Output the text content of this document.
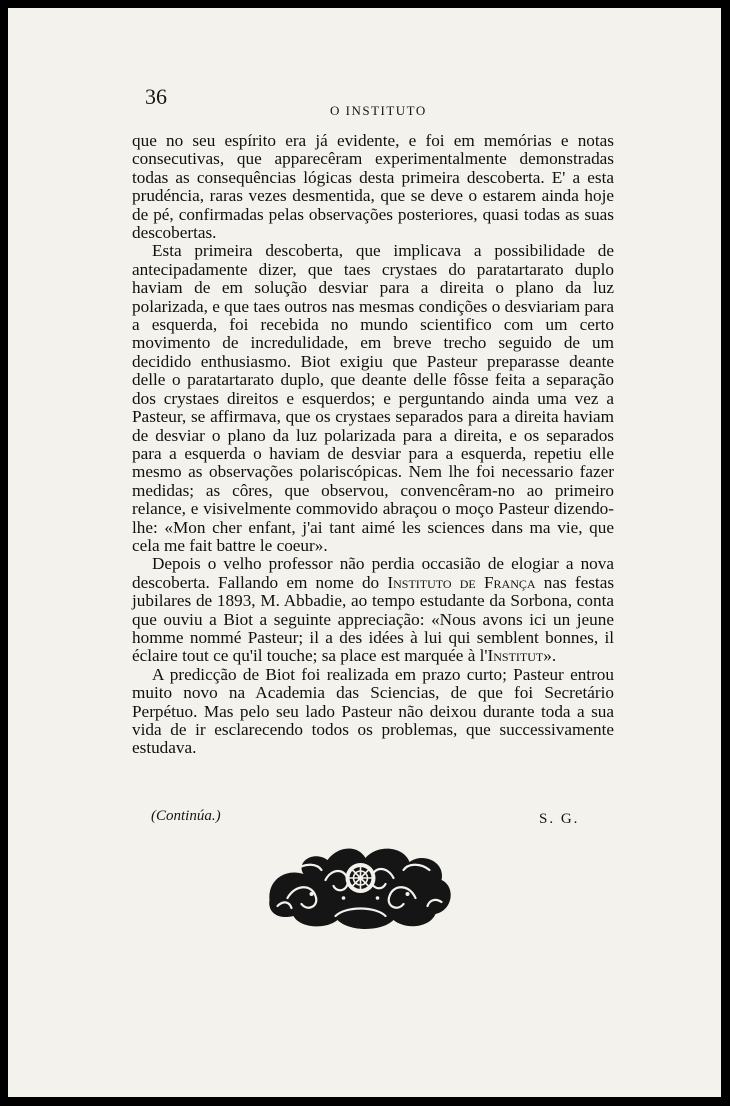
36
O INSTITUTO

que no seu espírito era já evidente, e foi em memórias e notas consecutivas, que apparecêram experimentalmente demonstradas todas as consequências lógicas desta primeira descoberta. E' a esta prudéncia, raras vezes desmentida, que se deve o estarem ainda hoje de pé, confirmadas pelas observações posteriores, quasi todas as suas descobertas.

Esta primeira descoberta, que implicava a possibilidade de antecipadamente dizer, que taes crystaes do paratartarato duplo haviam de em solução desviar para a direita o plano da luz polarizada, e que taes outros nas mesmas condições o desviariam para a esquerda, foi recebida no mundo scientifico com um certo movimento de incredulidade, em breve trecho seguido de um decidido enthusiasmo. Biot exigiu que Pasteur preparasse deante delle o paratartarato duplo, que deante delle fôsse feita a separação dos crystaes direitos e esquerdos; e perguntando ainda uma vez a Pasteur, se affirmava, que os crystaes separados para a direita haviam de desviar o plano da luz polarizada para a direita, e os separados para a esquerda o haviam de desviar para a esquerda, repetiu elle mesmo as observações polariscópicas. Nem lhe foi necessario fazer medidas; as côres, que observou, convencêram-no ao primeiro relance, e visivelmente commovido abraçou o moço Pasteur dizendo-lhe: «Mon cher enfant, j'ai tant aimé les sciences dans ma vie, que cela me fait battre le coeur».

Depois o velho professor não perdia occasião de elogiar a nova descoberta. Fallando em nome do Instituto de França nas festas jubilares de 1893, M. Abbadie, ao tempo estudante da Sorbona, conta que ouviu a Biot a seguinte appreciação: «Nous avons ici un jeune homme nommé Pasteur; il a des idées à lui qui semblent bonnes, il éclaire tout ce qu'il touche; sa place est marquée à l'Institut».

A predicção de Biot foi realizada em prazo curto; Pasteur entrou muito novo na Academia das Sciencias, de que foi Secretário Perpétuo. Mas pelo seu lado Pasteur não deixou durante toda a sua vida de ir esclarecendo todos os problemas, que successivamente estudava.

(Continúa.)	S. G.
